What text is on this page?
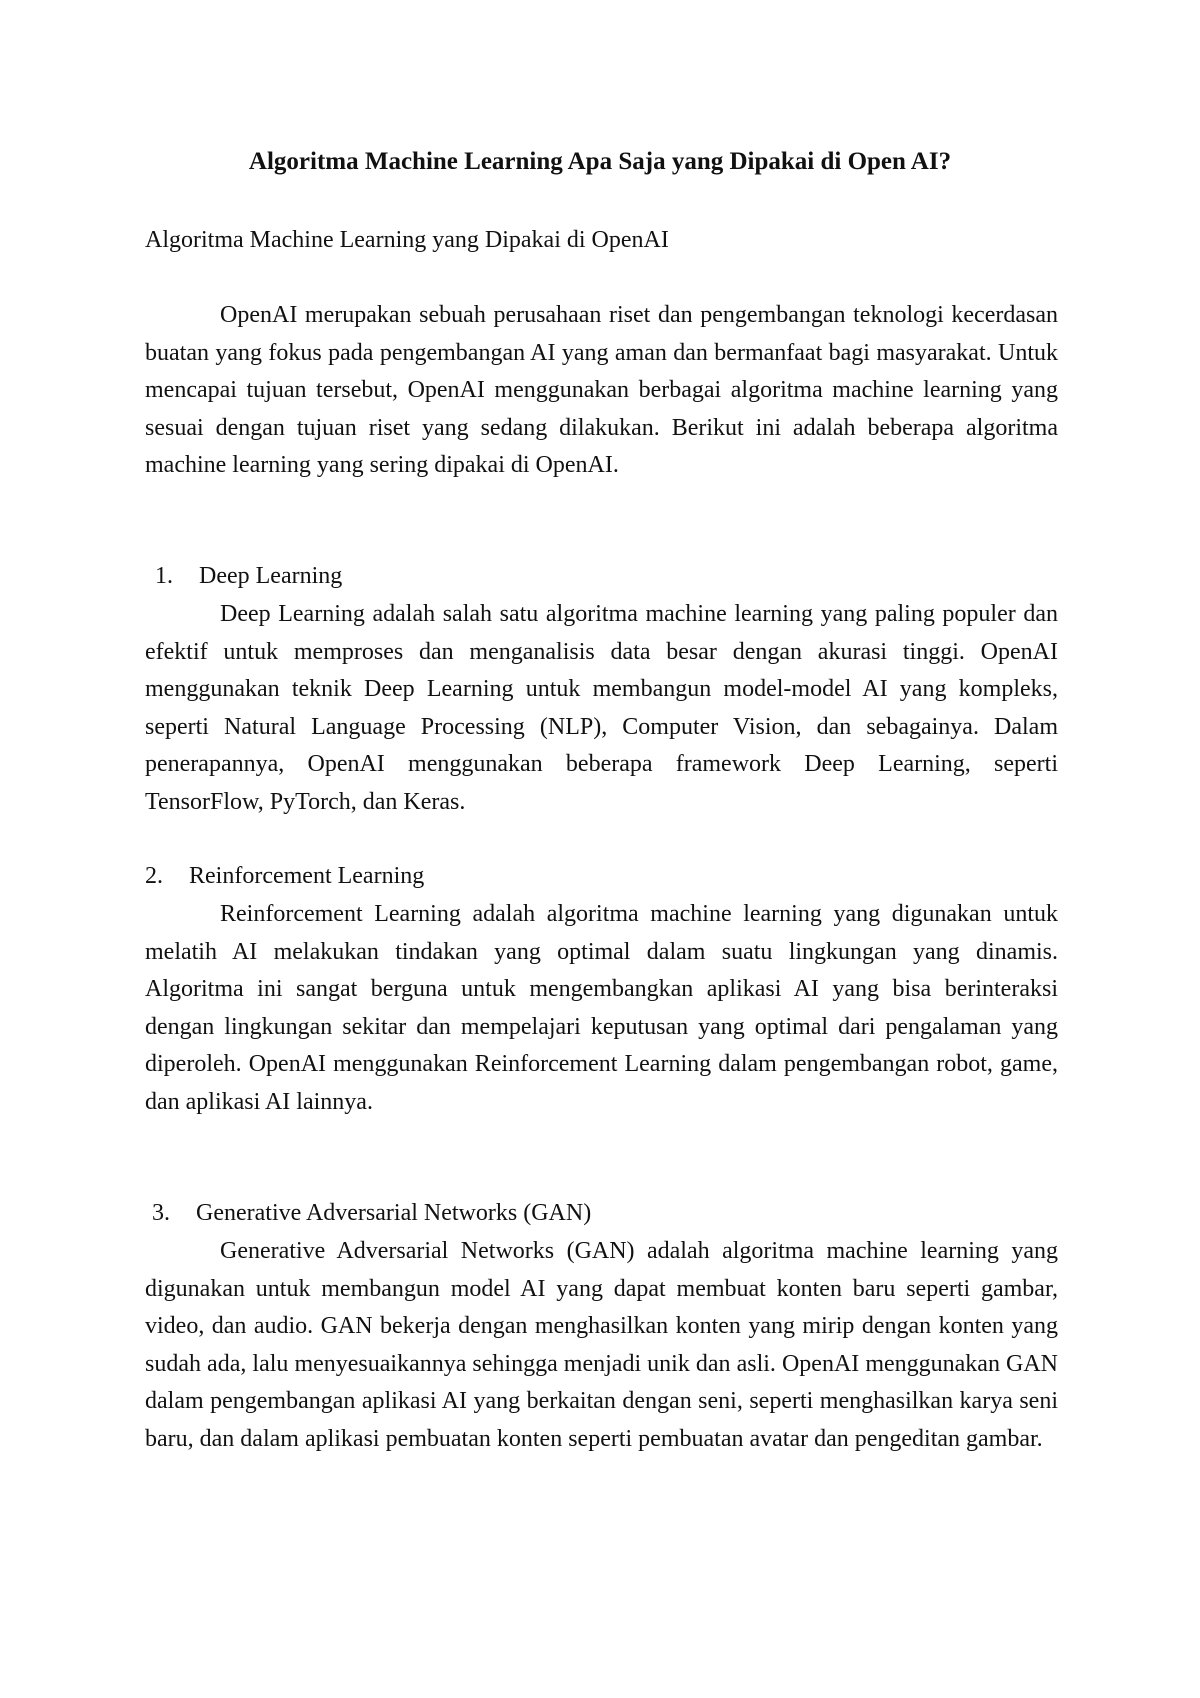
Algoritma Machine Learning Apa Saja yang Dipakai di Open AI?

Algoritma Machine Learning yang Dipakai di OpenAI

OpenAI merupakan sebuah perusahaan riset dan pengembangan teknologi kecerdasan buatan yang fokus pada pengembangan AI yang aman dan bermanfaat bagi masyarakat. Untuk mencapai tujuan tersebut, OpenAI menggunakan berbagai algoritma machine learning yang sesuai dengan tujuan riset yang sedang dilakukan. Berikut ini adalah beberapa algoritma machine learning yang sering dipakai di OpenAI.

1. Deep Learning

Deep Learning adalah salah satu algoritma machine learning yang paling populer dan efektif untuk memproses dan menganalisis data besar dengan akurasi tinggi. OpenAI menggunakan teknik Deep Learning untuk membangun model-model AI yang kompleks, seperti Natural Language Processing (NLP), Computer Vision, dan sebagainya. Dalam penerapannya, OpenAI menggunakan beberapa framework Deep Learning, seperti TensorFlow, PyTorch, dan Keras.

2. Reinforcement Learning

Reinforcement Learning adalah algoritma machine learning yang digunakan untuk melatih AI melakukan tindakan yang optimal dalam suatu lingkungan yang dinamis. Algoritma ini sangat berguna untuk mengembangkan aplikasi AI yang bisa berinteraksi dengan lingkungan sekitar dan mempelajari keputusan yang optimal dari pengalaman yang diperoleh. OpenAI menggunakan Reinforcement Learning dalam pengembangan robot, game, dan aplikasi AI lainnya.

3. Generative Adversarial Networks (GAN)

Generative Adversarial Networks (GAN) adalah algoritma machine learning yang digunakan untuk membangun model AI yang dapat membuat konten baru seperti gambar, video, dan audio. GAN bekerja dengan menghasilkan konten yang mirip dengan konten yang sudah ada, lalu menyesuaikannya sehingga menjadi unik dan asli. OpenAI menggunakan GAN dalam pengembangan aplikasi AI yang berkaitan dengan seni, seperti menghasilkan karya seni baru, dan dalam aplikasi pembuatan konten seperti pembuatan avatar dan pengeditan gambar.
